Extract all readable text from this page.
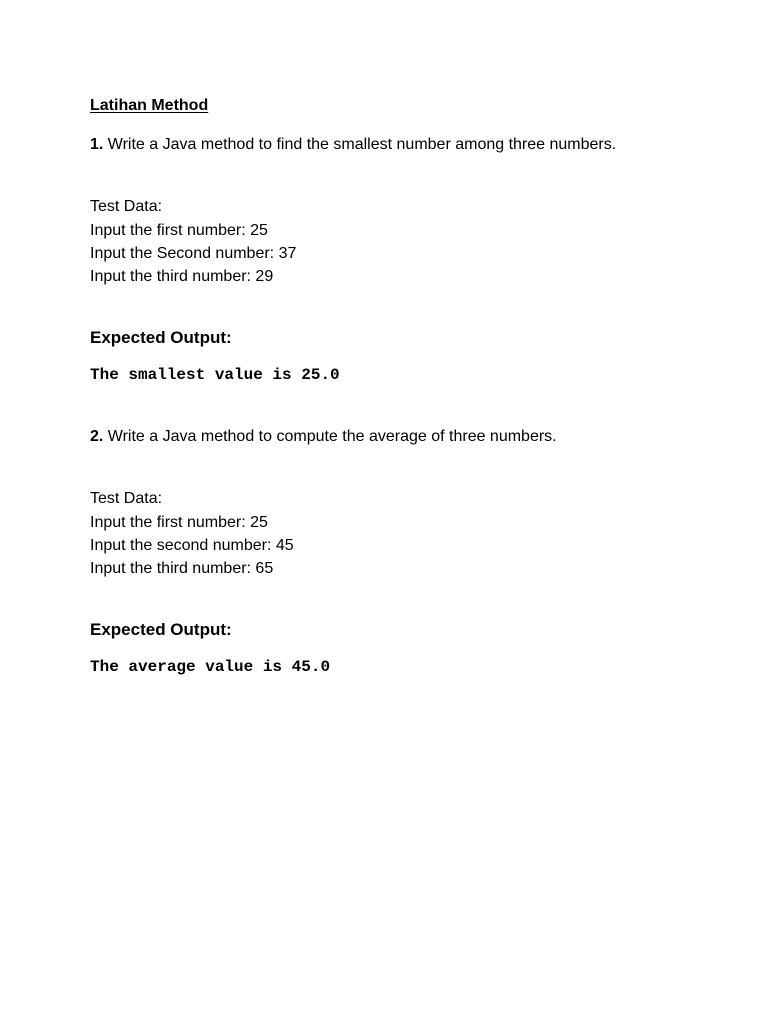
Latihan Method

1. Write a Java method to find the smallest number among three numbers.

Test Data:

Input the first number: 25

Input the Second number: 37

Input the third number: 29

Expected Output:

The smallest value is 25.0

2. Write a Java method to compute the average of three numbers.

Test Data:

Input the first number: 25

Input the second number: 45

Input the third number: 65

Expected Output:

The average value is 45.0
